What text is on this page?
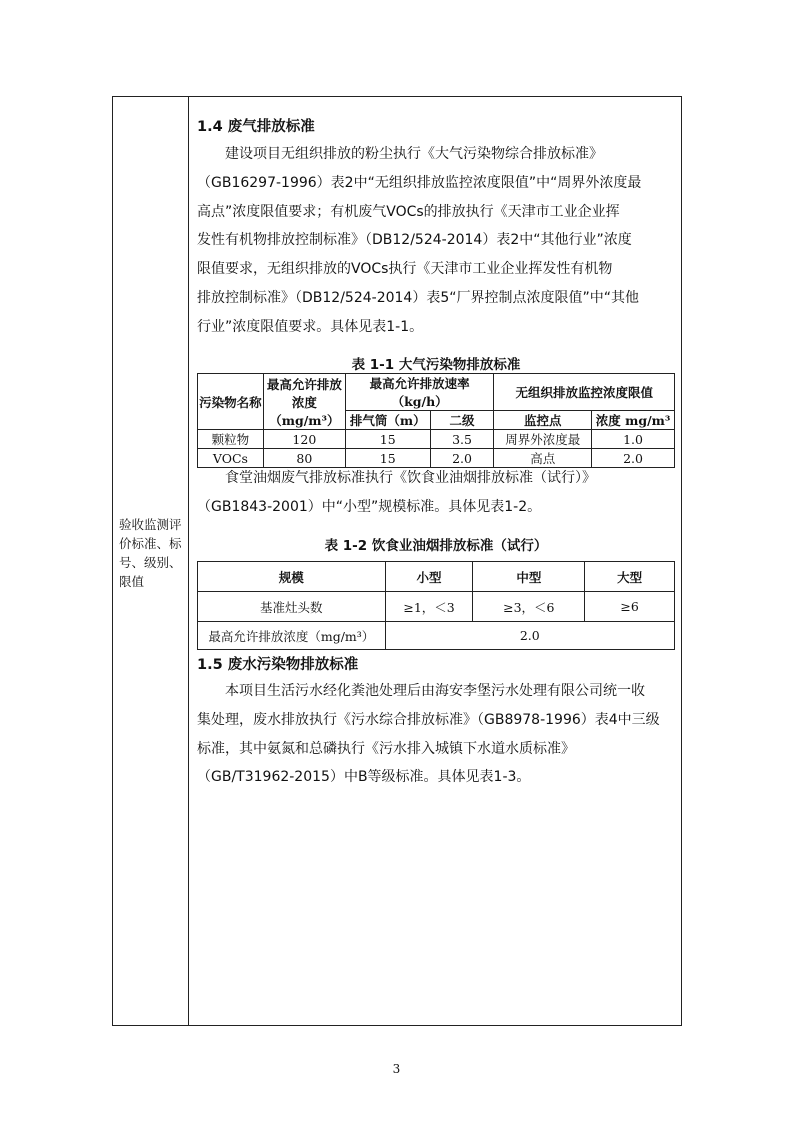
验收监测评价标准、标号、级别、限值
1.4 废气排放标准
　　建设项目无组织排放的粉尘执行《大气污染物综合排放标准》
（GB16297-1996）表2中“无组织排放监控浓度限值”中“周界外浓度最
高点”浓度限值要求；有机废气VOCs的排放执行《天津市工业企业挥
发性有机物排放控制标准》（DB12/524-2014）表2中“其他行业”浓度
限值要求，无组织排放的VOCs执行《天津市工业企业挥发性有机物
排放控制标准》（DB12/524-2014）表5“厂界控制点浓度限值”中“其他
行业”浓度限值要求。具体见表1-1。
表 1-1 大气污染物排放标准
污染物名称	最高允许排放浓度（mg/m³）	最高允许排放速率（kg/h）		无组织排放监控浓度限值	
		排气筒（m）	二级	监控点	浓度 mg/m³
颗粒物	120	15	3.5	周界外浓度最	1.0
VOCs	80	15	2.0	高点	2.0
　　食堂油烟废气排放标准执行《饮食业油烟排放标准（试行）》
（GB1843-2001）中“小型”规模标准。具体见表1-2。
表 1-2 饮食业油烟排放标准（试行）
规模	小型	中型	大型
基准灶头数	≥1，＜3	≥3，＜6	≥6
最高允许排放浓度（mg/m³）	2.0		
1.5 废水污染物排放标准
　　本项目生活污水经化粪池处理后由海安李堡污水处理有限公司统一收
集处理，废水排放执行《污水综合排放标准》（GB8978-1996）表4中三级
标准，其中氨氮和总磷执行《污水排入城镇下水道水质标准》
（GB/T31962-2015）中B等级标准。具体见表1-3。
3
